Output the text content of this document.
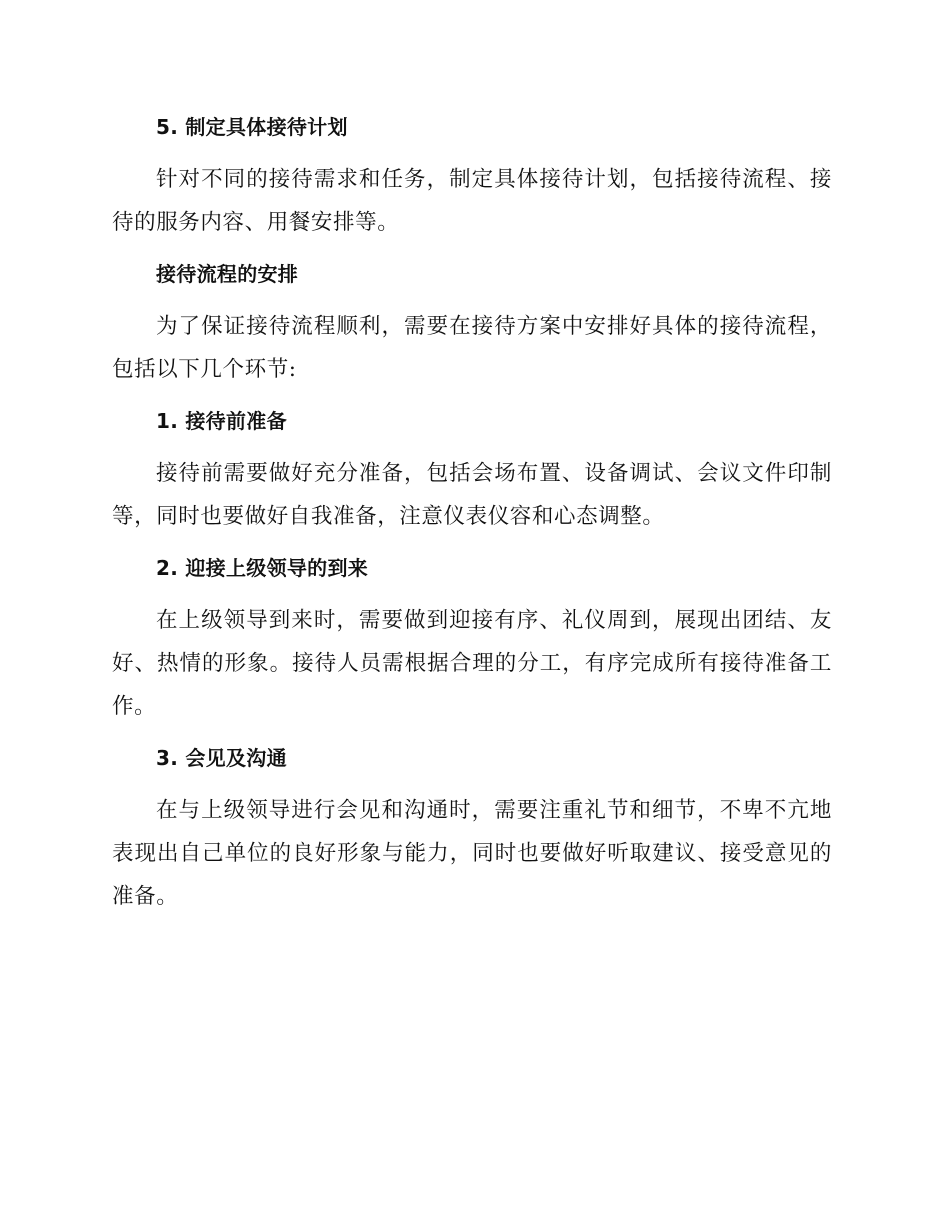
5. 制定具体接待计划

针对不同的接待需求和任务，制定具体接待计划，包括接待流程、接待的服务内容、用餐安排等。

接待流程的安排

为了保证接待流程顺利，需要在接待方案中安排好具体的接待流程，包括以下几个环节:

1. 接待前准备

接待前需要做好充分准备，包括会场布置、设备调试、会议文件印制等，同时也要做好自我准备，注意仪表仪容和心态调整。

2. 迎接上级领导的到来

在上级领导到来时，需要做到迎接有序、礼仪周到，展现出团结、友好、热情的形象。接待人员需根据合理的分工，有序完成所有接待准备工作。

3. 会见及沟通

在与上级领导进行会见和沟通时，需要注重礼节和细节，不卑不亢地表现出自己单位的良好形象与能力，同时也要做好听取建议、接受意见的准备。
